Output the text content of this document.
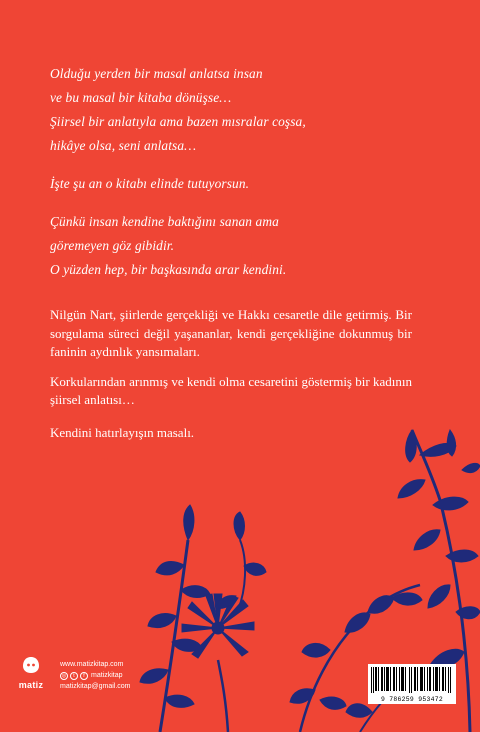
Olduğu yerden bir masal anlatsa insan

ve bu masal bir kitaba dönüşse…

Şiirsel bir anlatıyla ama bazen mısralar coşsa,

hikâye olsa, seni anlatsa…

İşte şu an o kitabı elinde tutuyorsun.

Çünkü insan kendine baktığını sanan ama

göremeyen göz gibidir.

O yüzden hep, bir başkasında arar kendini.

Nilgün Nart, şiirlerde gerçekliği ve Hakkı cesaretle dile getirmiş. Bir sorgulama süreci değil yaşananlar, kendi gerçekliğine dokunmuş bir faninin aydınlık yansımaları.

Korkularından arınmış ve kendi olma cesaretini göstermiş bir kadının şiirsel anlatısı…

Kendini hatırlayışın masalı.

matiz
www.matizkitap.com
◎	t	f matizkitap
matizkitap@gmail.com
9 786259 953472
